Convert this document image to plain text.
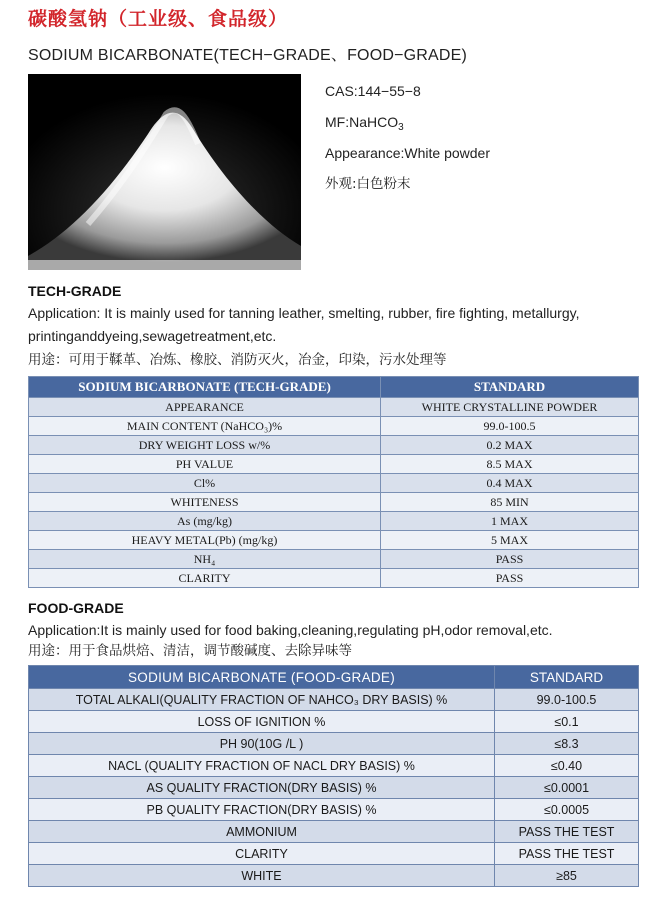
碳酸氢钠（工业级、食品级）
SODIUM BICARBONATE(TECH−GRADE、FOOD−GRADE)
CAS:144−55−8
MF:NaHCO$_3$
Appearance:White powder
外观:白色粉末
TECH-GRADE
Application: It is mainly used for tanning leather, smelting, rubber, fire fighting, metallurgy,
printinganddyeing,sewagetreatment,etc.
用途：可用于鞣革、冶炼、橡胶、消防灭火，冶金，印染，污水处理等
SODIUM BICARBONATE (TECH-GRADE)	STANDARD
APPEARANCE	WHITE CRYSTALLINE POWDER
MAIN CONTENT (NaHCO₃)%	99.0-100.5
DRY WEIGHT LOSS w/%	0.2 MAX
PH VALUE	8.5 MAX
Cl%	0.4 MAX
WHITENESS	85 MIN
As (mg/kg)	1 MAX
HEAVY METAL(Pb) (mg/kg)	5 MAX
NH₄	PASS
CLARITY	PASS
FOOD-GRADE
Application:It is mainly used for food baking,cleaning,regulating pH,odor removal,etc.
用途：用于食品烘焙、清洁，调节酸碱度、去除异味等
SODIUM BICARBONATE (FOOD-GRADE)	STANDARD
TOTAL ALKALI(QUALITY FRACTION OF NAHCO₃ DRY BASIS) %	99.0-100.5
LOSS OF IGNITION %	≤0.1
PH 90(10G /L )	≤8.3
NACL (QUALITY FRACTION OF NACL DRY BASIS) %	≤0.40
AS QUALITY FRACTION(DRY BASIS) %	≤0.0001
PB QUALITY FRACTION(DRY BASIS) %	≤0.0005
AMMONIUM	PASS THE TEST
CLARITY	PASS THE TEST
WHITE	≥85
